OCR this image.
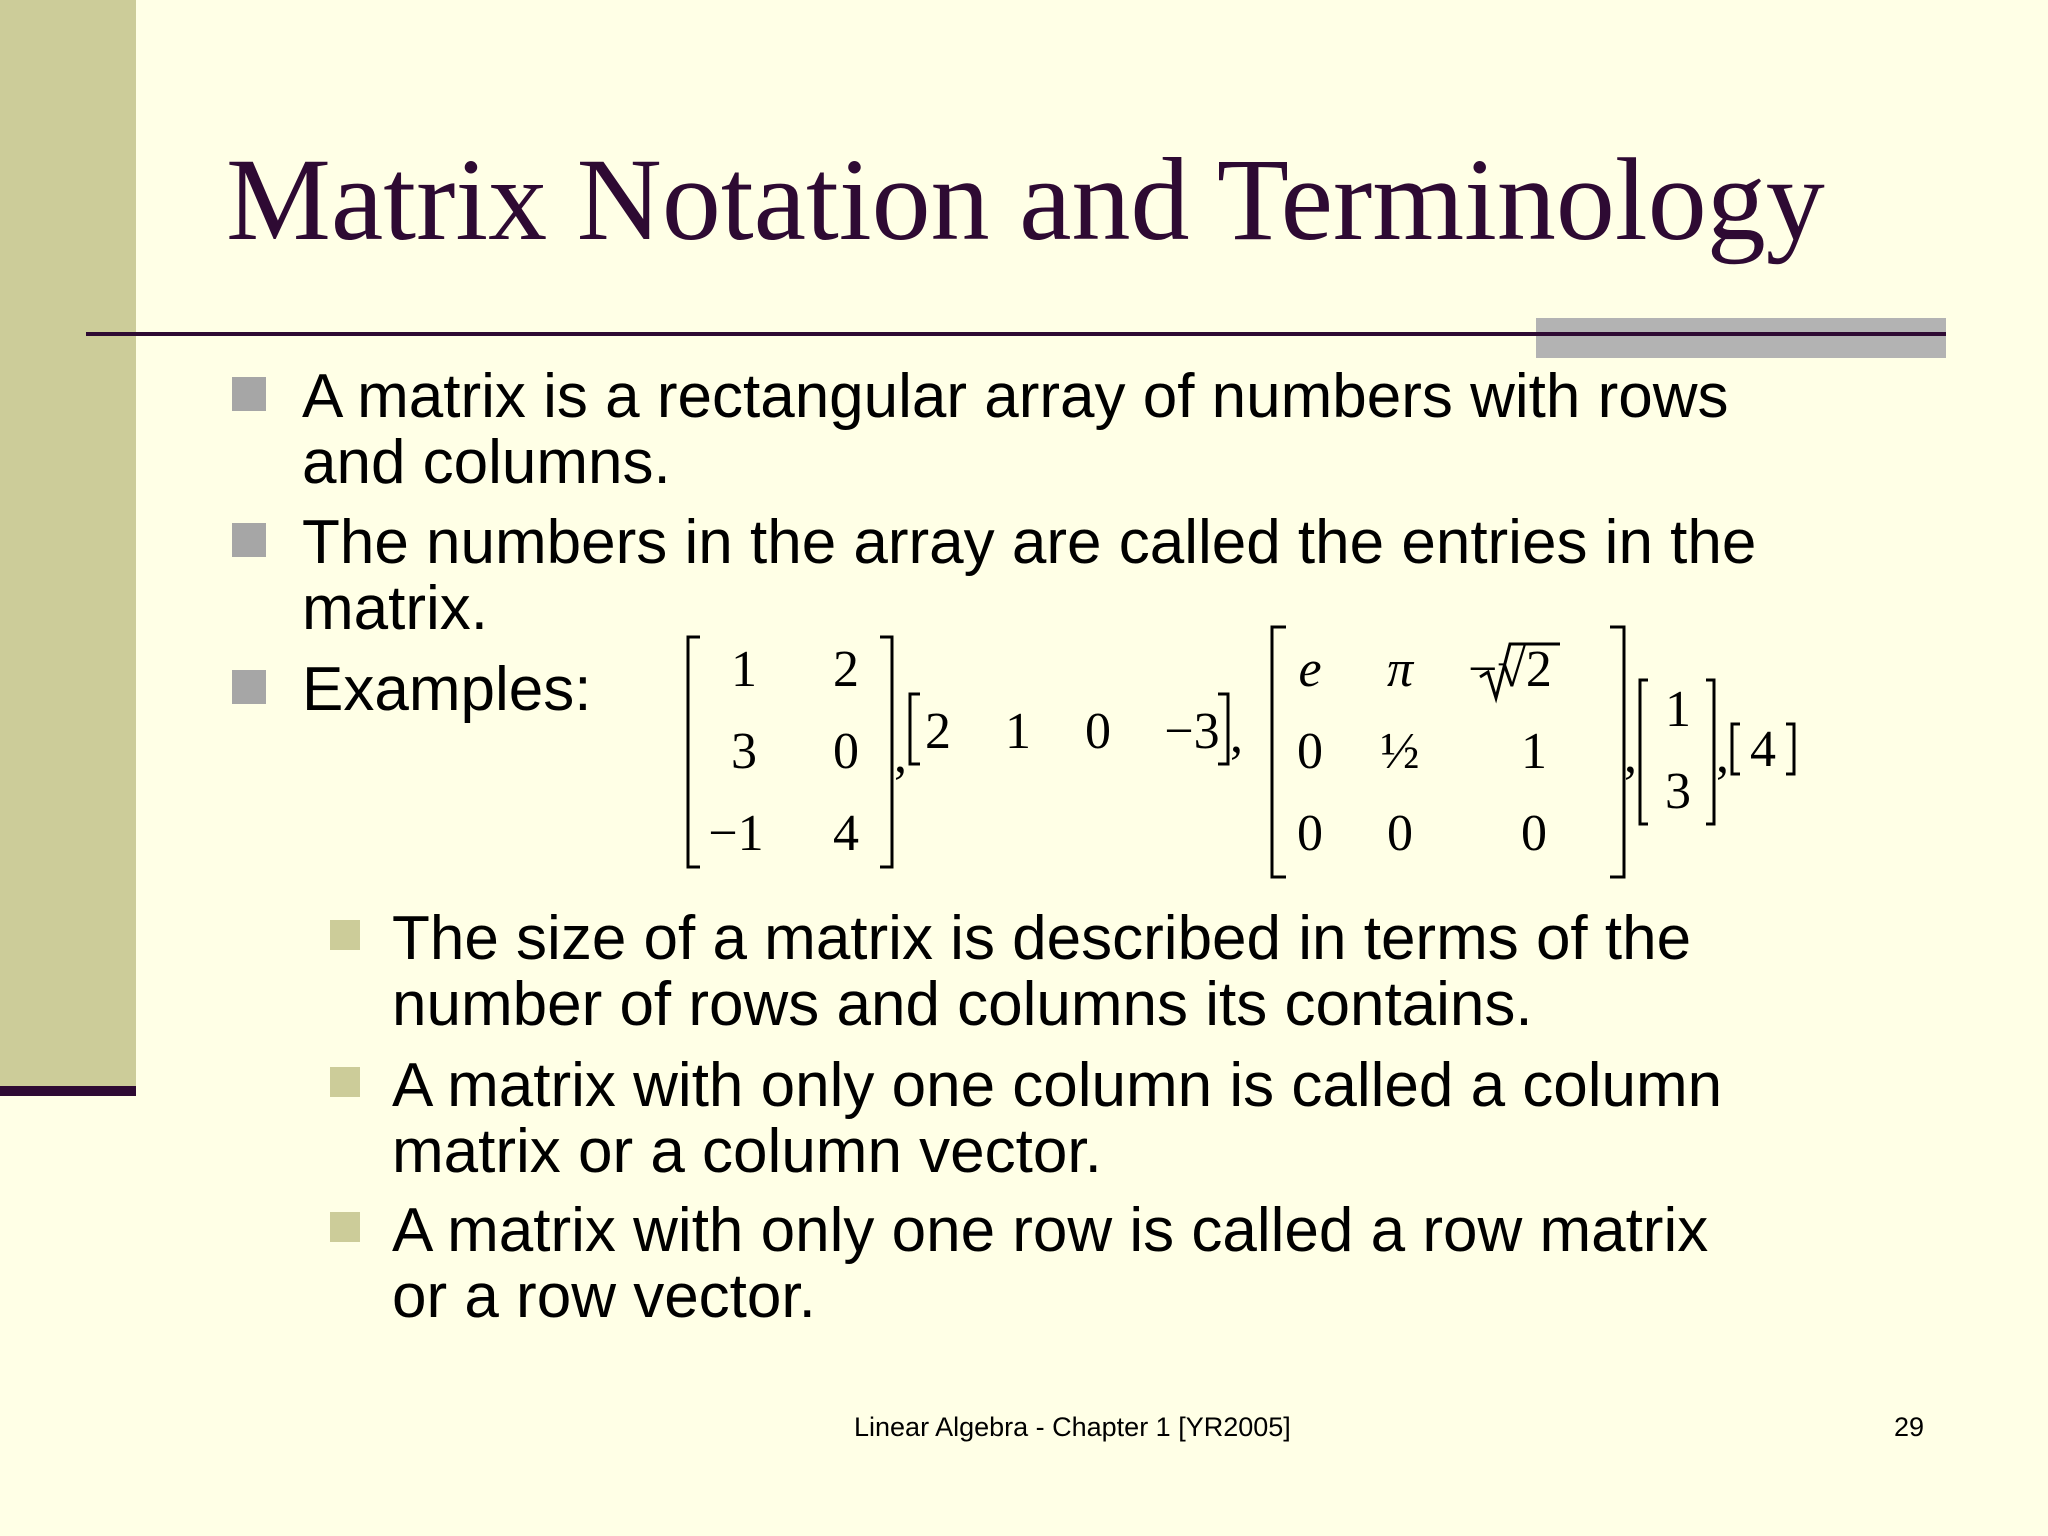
Matrix Notation and Terminology
A matrix is a rectangular array of numbers with rows
and columns.
The numbers in the array are called the entries in the
matrix.
Examples:	1 2
3 0
−1 4
, 2 1 0 −3 ,
e π −√2
0 ½ 1
0 0 0
,
1
3
, 4
The size of a matrix is described in terms of the
number of rows and columns its contains.
A matrix with only one column is called a column
matrix or a column vector.
A matrix with only one row is called a row matrix
or a row vector.
Linear Algebra - Chapter 1 [YR2005]	29
